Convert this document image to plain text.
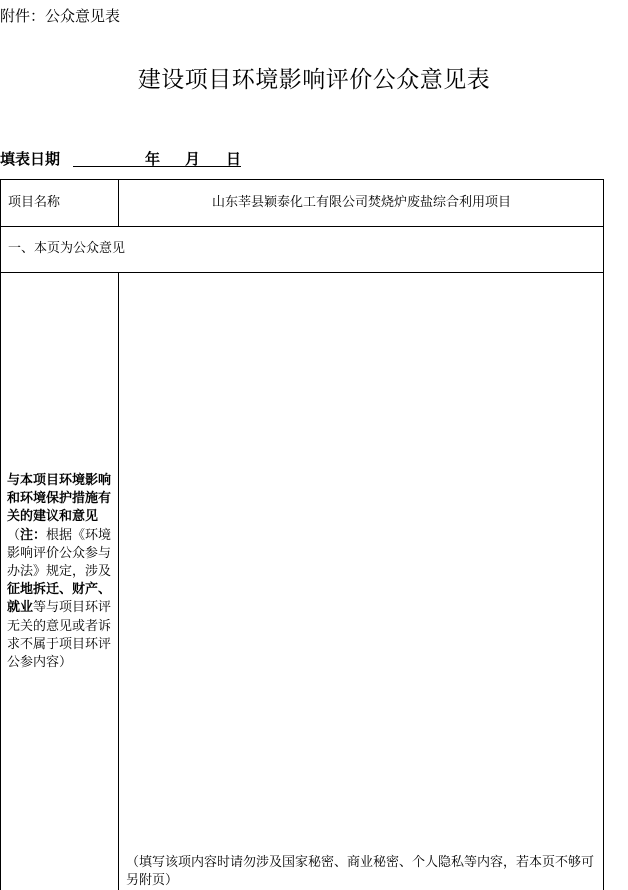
附件：公众意见表
建设项目环境影响评价公众意见表
填表日期	年 月 日
项目名称	山东莘县颖泰化工有限公司焚烧炉废盐综合利用项目
一、本页为公众意见
与本项目环境影响和环境保护措施有关的建议和意见（注：根据《环境影响评价公众参与办法》规定，涉及征地拆迁、财产、就业等与项目环评无关的意见或者诉求不属于项目环评公参内容）
（填写该项内容时请勿涉及国家秘密、商业秘密、个人隐私等内容，若本页不够可另附页）
